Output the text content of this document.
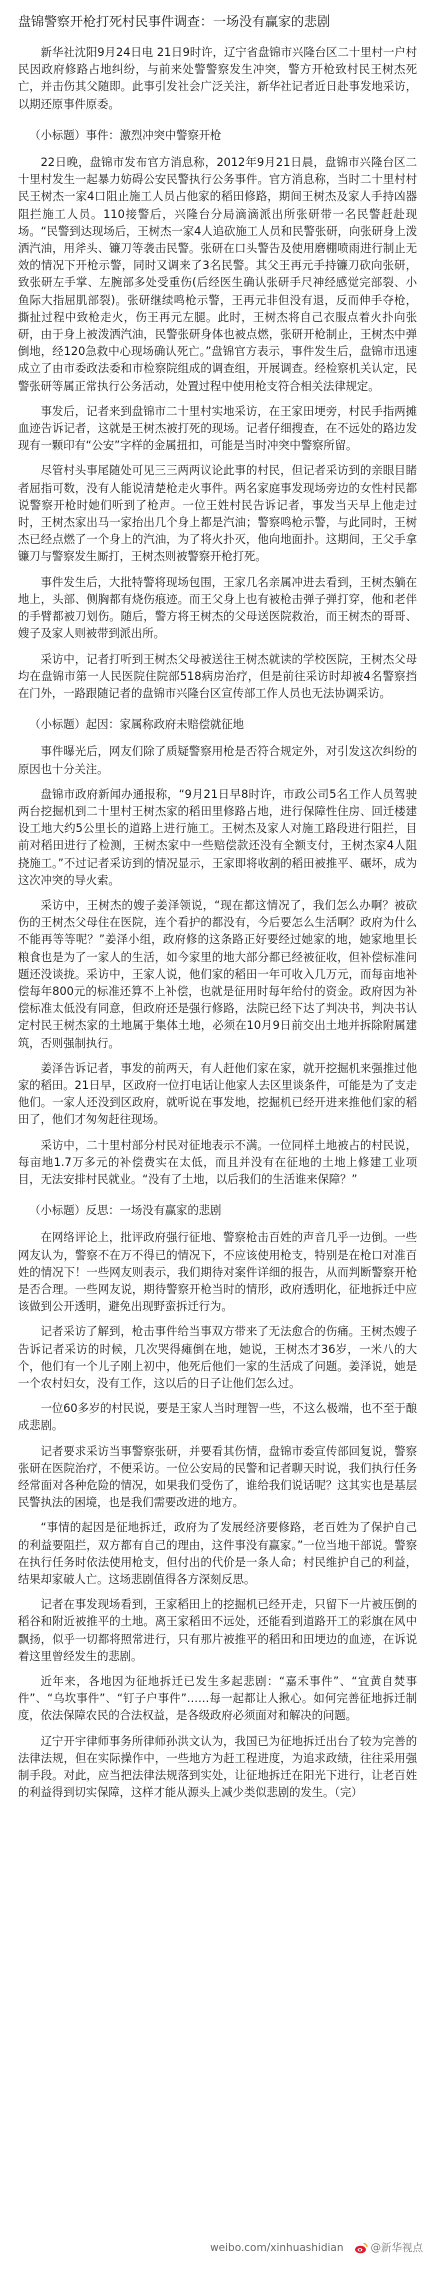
盘锦警察开枪打死村民事件调查：一场没有赢家的悲剧

新华社沈阳9月24日电 21日9时许，辽宁省盘锦市兴隆台区二十里村一户村民因政府修路占地纠纷，与前来处警警察发生冲突，警方开枪致村民王树杰死亡，并击伤其父随即。此事引发社会广泛关注，新华社记者近日赴事发地采访，以期还原事件原委。

（小标题）事件：激烈冲突中警察开枪

22日晚，盘锦市发布官方消息称，2012年9月21日晨，盘锦市兴隆台区二十里村发生一起暴力妨碍公安民警执行公务事件。官方消息称，当时二十里村村民王树杰一家4口阻止施工人员占他家的稻田修路，期间王树杰及家人手持凶器阻拦施工人员。110接警后，兴隆台分局滴滴派出所张研带一名民警赶赴现场。“民警到达现场后，王树杰一家4人追砍施工人员和民警张研，向张研身上泼洒汽油，用斧头、镰刀等袭击民警。张研在口头警告及使用磨棚喷雨进行制止无效的情况下开枪示警，同时又调来了3名民警。其父王再元手持镰刀砍向张研，致张研左手掌、左腕部多处受重伤(后经医生确认张研手尺神经感觉完部裂、小鱼际大指屈肌部裂)。张研继续鸣枪示警，王再元非但没有退，反而伸手夺枪，撕扯过程中致枪走火，伤王再元左腿。此时，王树杰将自己衣服点着火扑向张研，由于身上被泼洒汽油，民警张研身体也被点燃，张研开枪制止，王树杰中弹倒地，经120急救中心现场确认死亡。”盘锦官方表示，事件发生后，盘锦市迅速成立了由市委政法委和市检察院组成的调查组，开展调查。经检察机关认定，民警张研等属正常执行公务活动，处置过程中使用枪支符合相关法律规定。

事发后，记者来到盘锦市二十里村实地采访，在王家田埂旁，村民手指两摊血迹告诉记者，这就是王树杰被打死的现场。记者仔细搜查，在不远处的路边发现有一颗印有“公安”字样的金属扭扣，可能是当时冲突中警察所留。

尽管村头事尾随处可见三三两两议论此事的村民，但记者采访到的亲眼目睹者屈指可数，没有人能说清楚枪走火事件。两名家庭事发现场旁边的女性村民都说警察开枪时她们听到了枪声。一位王姓村民告诉记者，事发当天早上他走过时，王树杰家出马一家抬出几个身上都是汽油；警察鸣枪示警，与此同时，王树杰已经点燃了一个身上的汽油，为了将火扑灭，他向地面扑。这期间，王父手拿镰刀与警察发生厮打，王树杰则被警察开枪打死。

事件发生后，大批特警将现场包围，王家几名亲属冲进去看到，王树杰躺在地上，头部、侧胸都有烧伤痕迹。而王父身上也有被枪击弹子弹打穿，他和老伴的手臂都被刀划伤。随后，警方将王树杰的父母送医院救治，而王树杰的哥哥、嫂子及家人则被带到派出所。

采访中，记者打听到王树杰父母被送往王树杰就读的学校医院，王树杰父母均在盘锦市第一人民医院住院部518病房治疗，但是前往采访时却被4名警察挡在门外，一路跟随记者的盘锦市兴隆台区宣传部工作人员也无法协调采访。

（小标题）起因：家属称政府未赔偿就征地

事件曝光后，网友们除了质疑警察用枪是否符合规定外，对引发这次纠纷的原因也十分关注。

盘锦市政府新闻办通报称，“9月21日早8时许，市政公司5名工作人员驾驶两台挖掘机到二十里村王树杰家的稻田里修路占地，进行保障性住房、回迁楼建设工地大约5公里长的道路上进行施工。王树杰及家人对施工路段进行阻拦，目前对稻田进行了检测，王树杰家中一些赔偿款还没有全额支付，王树杰家4人阻挠施工。”不过记者采访到的情况显示，王家即将收割的稻田被推平、碾坏，成为这次冲突的导火索。

采访中，王树杰的嫂子姜泽领说，“现在都这情况了，我们怎么办啊？被砍伤的王树杰父母住在医院，连个看护的都没有，今后要怎么生活啊？政府为什么不能再等等呢？”姜泽小组，政府修的这条路正好要经过她家的地，她家地里长粮食也是为了一家人的生活，如今家里的地大部分都已经被征收，但补偿标准问题还没谈拢。采访中，王家人说，他们家的稻田一年可收入几万元，而每亩地补偿每年800元的标准还算不上补偿，也就是征用时每年给付的资金。政府因为补偿标准太低没有同意，但政府还是强行修路，法院已经下达了判决书，判决书认定村民王树杰家的土地属于集体土地，必须在10月9日前交出土地并拆除附属建筑，否则强制执行。

姜泽告诉记者，事发的前两天，有人赶他们家在家，就开挖掘机来强推过他家的稻田。21日早，区政府一位打电话让他家人去区里谈条件，可能是为了支走他们。一家人还没到区政府，就听说在事发地，挖掘机已经开进来推他们家的稻田了，他们才匆匆赶往现场。

采访中，二十里村部分村民对征地表示不满。一位同样土地被占的村民说，每亩地1.7万多元的补偿费实在太低，而且并没有在征地的土地上修建工业项目，无法安排村民就业。“没有了土地，以后我们的生活谁来保障？”

（小标题）反思：一场没有赢家的悲剧

在网络评论上，批评政府强行征地、警察枪击百姓的声音几乎一边倒。一些网友认为，警察不在万不得已的情况下，不应该使用枪支，特别是在枪口对准百姓的情况下！一些网友则表示，我们期待对案件详细的报告，从而判断警察开枪是否合理。一些网友说，期待警察开枪当时的情形，政府透明化，征地拆迁中应该做到公开透明，避免出现野蛮拆迁行为。

记者采访了解到，枪击事件给当事双方带来了无法愈合的伤痛。王树杰嫂子告诉记者采访的时候，几次哭得瘫倒在地，她说，王树杰才36岁，一米八的大个，他们有一个儿子刚上初中，他死后他们一家的生活成了问题。姜泽说，她是一个农村妇女，没有工作，这以后的日子让他们怎么过。

一位60多岁的村民说，要是王家人当时理智一些，不这么极端，也不至于酿成悲剧。

记者要求采访当事警察张研，并要看其伤情，盘锦市委宣传部回复说，警察张研在医院治疗，不便采访。一位公安局的民警和记者聊天时说，我们执行任务经常面对各种危险的情况，如果我们受伤了，谁给我们说话呢？这其实也是基层民警执法的困境，也是我们需要改进的地方。

“事情的起因是征地拆迁，政府为了发展经济要修路，老百姓为了保护自己的利益要阻拦，双方都有自己的理由，这件事没有赢家。”一位当地干部说。警察在执行任务时依法使用枪支，但付出的代价是一条人命；村民维护自己的利益，结果却家破人亡。这场悲剧值得各方深刻反思。

记者在事发现场看到，王家稻田上的挖掘机已经开走，只留下一片被压倒的稻谷和附近被推平的土地。离王家稻田不远处，还能看到道路开工的彩旗在风中飘扬，似乎一切都将照常进行，只有那片被推平的稻田和田埂边的血迹，在诉说着这里曾经发生的悲剧。

近年来，各地因为征地拆迁已发生多起悲剧：“嘉禾事件”、“宜黄自焚事件”、“乌坎事件”、“钉子户事件”……每一起都让人揪心。如何完善征地拆迁制度，依法保障农民的合法权益，是各级政府必须面对和解决的问题。

辽宁开宇律师事务所律师孙洪文认为，我国已为征地拆迁出台了较为完善的法律法规，但在实际操作中，一些地方为赶工程进度，为追求政绩，往往采用强制手段。对此，应当把法律法规落到实处，让征地拆迁在阳光下进行，让老百姓的利益得到切实保障，这样才能从源头上减少类似悲剧的发生。（完）

weibo.com/xinhuashidian	@新华视点
